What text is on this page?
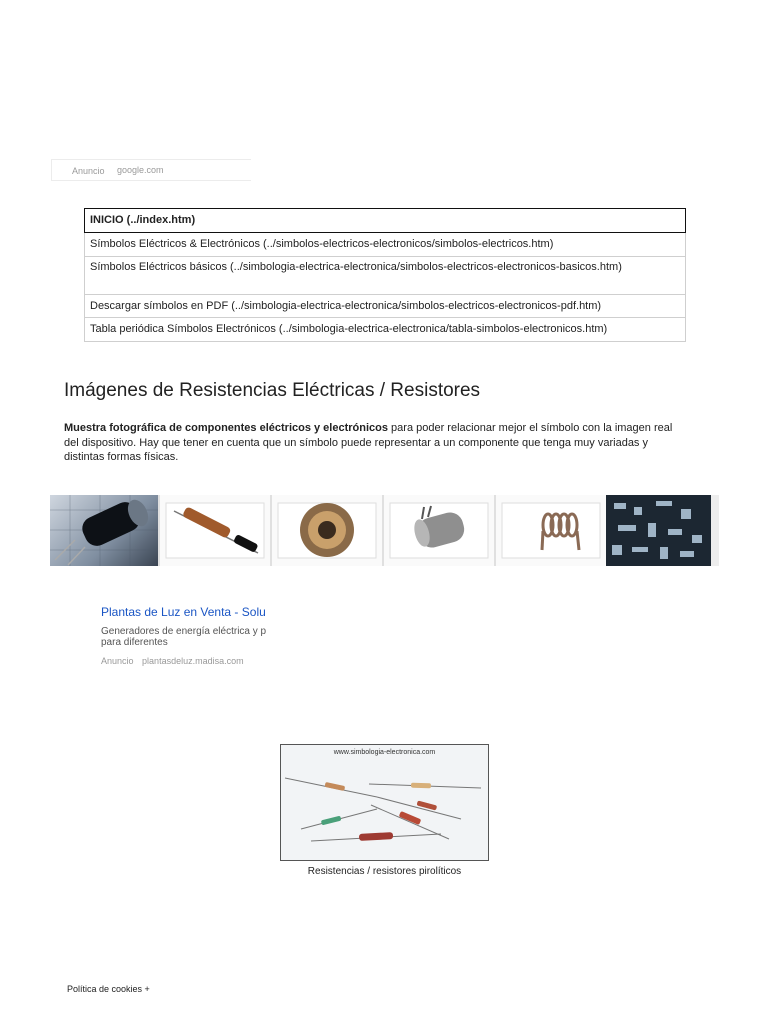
Anuncio google.com
INICIO (../index.htm)
Símbolos Eléctricos & Electrónicos (../simbolos-electricos-electronicos/simbolos-electricos.htm)
Símbolos Eléctricos básicos (../simbologia-electrica-electronica/simbolos-electricos-electronicos-basicos.htm)
Descargar símbolos en PDF (../simbologia-electrica-electronica/simbolos-electricos-electronicos-pdf.htm)
Tabla periódica Símbolos Electrónicos (../simbologia-electrica-electronica/tabla-simbolos-electronicos.htm)
Imágenes de Resistencias Eléctricas / Resistores

Muestra fotográfica de componentes eléctricos y electrónicos para poder relacionar mejor el símbolo con la imagen real del dispositivo. Hay que tener en cuenta que un símbolo puede representar a un componente que tenga muy variadas y distintas formas físicas.

Plantas de Luz en Venta - Solu

Generadores de energía eléctrica y p
para diferentes
Anuncio plantasdeluz.madisa.com
www.simbologia-electronica.com
Resistencias / resistores pirolíticos
Política de cookies +
